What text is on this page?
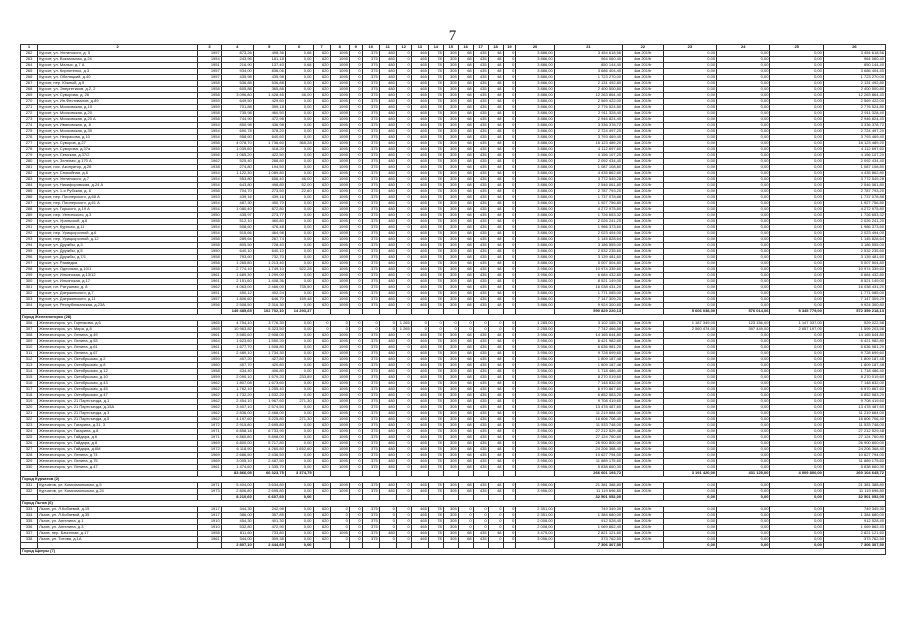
7
1	2	3	4	5	6	7	8	9	10	11	12	13	14	15	16	17	18	19	20	21	22	23	24	25	26
262	Курсит, ул. Уютинского, д. 5	1957	873,26	498,36	0,68	620	1095	0	375	480	0	465	78	305	68	435	48	0	3 886,00	3 454 618,56	4кв 2019г	0,00	0,00	0,00	3 454 618,56
263	Курсит, ул. Вокзальная, д.24	1954	243,96	181,18	0,00	620	1095	0	375	480	0	465	78	305	68	435	48	0	3 886,00	964 060,40	4кв 2019г	0,00	0,00	0,00	964 060,40
264	Курсит, ул. Малых, д.7 А	1951	216,90	137,40	0,68	620	1095	0	375	480	0	465	78	305	68	435	48	0	3 886,00	850 144,40	4кв 2019г	0,00	0,00	0,00	850 144,40
265	Курсит, ул. Кирпотенко, д.3	1957	934,00	836,06	0,00	620	1095	0	375	480	0	465	78	305	68	435	48	0	3 886,00	3 686 404,40	4кв 2019г	0,00	0,00	0,00	3 686 404,40
266	Курсит, ул. Обеляцкий, д.40	1957	435,98	435,98	0,00	620	1095	0	375	480	0	465	78	305	68	435	48	0	3 886,00	1 723 270,00	4кв 2019г	0,00	0,00	0,00	1 723 270,00
267	Курсит, пер. Южный, д.9	1958	536,88	536,88	0,00	620	1095	0	375	480	0	465	78	305	68	435	48	0	3 886,00	2 131 492,80	4кв 2019г	0,00	0,00	0,00	2 131 492,80
268	Курсит, ул. Энергетиков, д.2, 2	1958	605,88	365,88	0,00	620	1095	0	375	480	0	465	78	305	68	435	48	0	3 886,00	2 400 500,80	4кв 2019г	0,00	0,00	0,00	2 400 500,80
269	Курсит, ул. Суворова, д. 26	1958	3 096,80	1 428,46	46,00	620	1095	0	375	480	0	465	78	305	68	435	48	0	3 886,00	12 263 864,40	4кв 2019г	0,00	0,00	0,00	12 263 864,40
270	Курсит, ул. Ин.Фестивалов, д.89	1959	649,50	429,60	0,00	620	1095	0	375	480	0	465	78	305	68	435	48	0	3 886,00	2 569 422,00	4кв 2019г	0,00	0,00	0,00	2 569 422,00
271	Курсит, ул. Московская, д.10	1959	701,88	399,18	0,00	620	1095	0	375	480	0	465	78	305	68	435	48	0	3 886,00	2 776 524,80	4кв 2019г	0,00	0,00	0,00	2 776 524,80
272	Курсит, ул. Московская, д.20	1958	735,98	460,50	0,00	620	1095	0	375	480	0	465	78	305	68	435	48	0	3 886,00	2 911 328,40	4кв 2019г	0,00	0,00	0,00	2 911 328,40
273	Курсит, ул. Московская, д.20 А	1958	744,90	472,98	0,00	620	1095	0	375	480	0	465	78	305	68	435	48	0	3 886,00	2 946 824,40	4кв 2019г	0,00	0,00	0,00	2 946 824,40
274	Курсит, ул. Ивановская, д. 8	1954	850,98	436,98	0,00	620	1095	0	375	480	0	465	78	305	68	435	48	0	3 886,00	3 336 378,72	4кв 2019г	0,00	0,00	0,00	3 336 378,72
275	Курсит, ул. Московская, д.30	1954	690,78	378,20	0,00	620	1095	0	375	480	0	465	78	305	68	435	48	0	3 886,00	2 724 497,20	4кв 2019г	0,00	0,00	0,00	2 724 497,20
276	Курсит, ул. Некрасова, д.10	1954	958,60	640,60	0,00	620	1095	0	375	480	0	465	78	305	68	435	48	0	3 886,00	3 793 469,40	4кв 2019г	0,00	0,00	0,00	3 793 469,40
277	Курсит, ул. Суворов, д.27	1958	4 078,70	1 736,60	365,28	620	1095	0	375	480	0	465	78	305	68	435	48	0	3 886,00	16 123 489,20	4кв 2019г	0,00	0,00	0,00	16 123 489,20
278	Курсит, ул. Суворова, д.37а	1955	1 039,60	418,20	0,00	620	1095	0	375	480	0	465	78	305	68	435	48	0	3 886,00	4 112 697,60	4кв 2019г	0,00	0,00	0,00	4 112 697,60
279	Курсит, ул. Семская, д.37/2	1956	1 065,20	422,50	0,00	620	1095	0	375	480	0	465	78	305	68	435	48	0	3 886,00	4 156 107,20	4кв 2019г	0,00	0,00	0,00	4 156 107,20
280	Курсит, ул. Зеленая, д.170 А	1962	525,40	288,80	0,00	620	1095	0	375	480	0	465	78	305	68	435	48	0	3 886,00	2 092 434,40	4кв 2019г	0,00	0,00	0,00	2 092 434,40
281	Курсит, пос. Акопуатор, д.26	1938	274,80	194,50	0,00	620	1095	0	375	480	0	465	78	305	68	435	48	0	3 886,00	1 087 108,80	4кв 2019г	0,00	0,00	0,00	1 087 108,80
282	Курсит, ул. Спокойная, д.6	1954	1 122,30	1 089,80	0,00	620	1095	0	375	480	0	465	78	305	68	435	48	0	3 886,00	4 435 862,80	4кв 2019г	0,00	0,00	0,00	4 435 862,80
283	Курсит, ул. Уютинского, д.7	1954	953,80	656,40	46,00	620	1095	0	375	480	0	465	78	305	68	435	48	0	3 886,00	3 772 549,28	4кв 2019г	0,00	0,00	0,00	3 772 549,28
284	Курсит, ул. Никифоровская, д.24 А	1954	643,80	498,80	52,00	620	1095	0	375	480	0	465	78	305	68	435	48	0	3 886,00	2 546 061,80	4кв 2019г	0,00	0,00	0,00	2 546 061,80
285	Курсит, ул. 1-я Рубская, д. 6	1958	704,70	273,50	22,60	620	1095	0	375	480	0	465	78	305	68	435	48	0	3 886,00	2 787 793,20	4кв 2019г	0,00	0,00	0,00	2 787 793,20
286	Курсит, пер. Пионерского, д.68 А	1953	439,16	439,16	0,00	620	1095	0	375	480	0	465	78	305	68	435	48	0	3 886,00	1 737 078,88	4кв 2019г	0,00	0,00	0,00	1 737 078,88
287	Курсит, пер. Пионерского, д.61 А	1954	487,30	450,70	0,00	620	1095	0	375	480	0	465	78	305	68	435	48	0	3 886,00	1 927 756,80	4кв 2019г	0,00	0,00	0,00	1 927 756,80
288	Курсит, ул. Горького, д.19 А	1954	1 080,40	872,80	0,00	620	1095	0	375	480	0	465	78	305	68	435	48	0	3 886,00	4 272 975,80	4кв 2019г	0,00	0,00	0,00	4 272 975,80
289	Курсит, пер. Уютинского, д.3	1950	435,97	273,77	0,00	620	1095	0	375	480	0	465	78	305	68	435	48	0	3 886,00	1 726 653,32	4кв 2019г	0,00	0,00	0,00	1 726 653,32
290	Курсит, ул. Уральской, д.6	1958	512,10	460,80	0,00	620	1095	0	375	480	0	465	78	305	68	435	48	0	3 886,00	2 026 241,20	4кв 2019г	0,00	0,00	0,00	2 026 241,20
291	Курсит, ул. Курская, д.11	1954	508,60	476,48	0,00	620	1095	0	375	480	0	465	78	305	68	435	48	0	3 886,00	1 986 373,60	4кв 2019г	0,00	0,00	0,00	1 986 373,60
292	Курсит, пер. Урицкорочной, д.6	1954	515,66	464,98	0,00	620	1095	0	375	480	0	465	78	305	68	435	48	0	3 886,00	2 023 494,00	4кв 2019г	0,00	0,00	0,00	2 023 494,00
293	Курсит, пер. Урицкорочной, д.12	1958	289,64	267,74	0,00	620	1095	0	375	480	0	465	78	305	68	435	48	0	3 886,00	1 145 828,64	4кв 2019г	0,00	0,00	0,00	1 145 828,64
294	Курсит, ул. Дружбы, д.3	1958	805,50	728,40	0,00	620	1095	0	375	480	0	465	78	305	68	435	48	0	3 886,00	3 186 555,00	4кв 2019г	0,00	0,00	0,00	3 186 555,00
295	Курсит, ул. Дружбы, д.5	1950	640,10	640,10	0,00	620	1095	0	375	480	0	465	78	305	68	435	48	0	3 886,00	2 532 235,60	4кв 2019г	0,00	0,00	0,00	2 532 235,60
296	Курсит, ул. Дружбы, д.7/1	1958	793,60	732,70	0,00	620	1095	0	375	480	0	465	78	305	68	435	48	0	3 886,00	3 139 481,60	4кв 2019г	0,00	0,00	0,00	3 139 481,60
297	Курсит, ул. Разведка	1958	1 265,80	1 213,40	0,00	620	1095	0	375	480	0	465	78	305	68	435	48	0	3 886,00	5 007 504,80	4кв 2019г	0,00	0,00	0,00	5 007 504,80
298	Курсит, ул. Одесская, д.10/1	1958	2 774,10	1 749,10	522,28	620	1095	0	375	480	0	465	78	305	68	435	48	0	3 956,00	10 974 339,60	4кв 2019г	0,00	0,00	0,00	10 974 339,60
299	Курсит, ул. Ильинская, д.13/12	1961	1 689,30	1 299,00	0,00	620	1095	0	375	480	0	465	78	305	68	435	48	0	3 956,00	6 684 432,80	4кв 2019г	0,00	0,00	0,00	6 684 432,80
300	Курсит, ул. Ильинская, д.17	1961	2 151,60	1 408,36	0,00	620	1095	0	375	480	0	465	78	305	68	435	48	0	3 886,00	8 521 149,00	4кв 2019г	0,00	0,00	0,00	8 521 149,00
301	Курсит, пл. Ратушная, д. 8	1962	4 063,00	2 466,00	735,50	620	1095	0	375	480	0	465	78	305	68	435	48	0	3 956,00	16 038 431,20	4кв 2019г	0,00	0,00	0,00	16 038 431,20
302	Курсит, ул. Дзержинского, д.7	1951	450,12	402,24	0,00	620	1095	0	375	480	0	465	78	305	68	435	48	0	3 886,00	1 771 085,00	4кв 2019г	0,00	0,00	0,00	1 771 085,00
303	Курсит, ул. Дзержинского, д.11	1957	1 806,60	646,70	159,48	620	1095	0	375	480	0	465	78	305	68	435	48	0	3 886,00	7 147 309,20	4кв 2019г	0,00	0,00	0,00	7 147 309,20
304	Курсит, ул. Республиканская, д.23А	1956	2 508,50	2 316,30	0,00	620	1095	0	375	480	0	465	78	305	68	435	48	0	3 886,00	9 924 300,80	4кв 2019г	0,00	0,00	0,00	9 924 300,80
			149 485,65	102 702,10	14 293,37															590 829 220,13		5 606 038,00	576 014,06	5 345 779,00	572 359 218,13
Город Железногорск (28)																									
306	Железногорск, ул. Горнякова, д.6	1965	4 754,10	3 776,30	0,00	0	0	0	0	0	1 265	0	0	0	0	0	0	0	1 285,00	3 102 155,78	4кв 2019г	1 187 349,00	123 156,00	1 147 337,00	529 022,58
307	Железногорск, ул. Мира, д.8	1965	10 963,82	5 323,50	0,00	0	0	0	0	0	1 265	0	0	0	0	0	0	0	2 255,00	7 742 466,58	4кв 2019г	2 560 474,00	397 449,00	2 657 197,00	1 599 203,58
308	Железногорск, ул. Ленина, д.49	1961	3 580,60	2 908,00	0,00	620	1095	0	375	480	0	465	78	305	68	435	48	0	3 956,00	14 165 644,80	4кв 2019г	0,00	0,00	0,00	14 165 644,80
309	Железногорск, ул. Ленина, д.53	1964	1 623,60	1 550,20	0,00	620	1095	0	375	480	0	465	78	305	68	435	48	0	3 956,00	6 421 982,80	4кв 2019г	0,00	0,00	0,00	6 421 982,80
310	Железногорск, ул. Ленина, д.61	1961	1 677,70	1 508,80	0,00	620	1095	0	375	480	0	465	78	305	68	435	48	0	3 956,00	6 636 981,20	4кв 2019г	0,00	0,00	0,00	6 636 981,20
311	Железногорск, ул. Ленина, д.67	1961	2 489,10	1 734,30	0,00	620	1095	0	375	480	0	465	78	305	68	435	48	0	3 956,00	9 728 699,60	4кв 2019г	0,00	0,00	0,00	9 728 699,60
312	Железногорск, ул. Октябрьская, д.2	1959	457,20	427,80	0,00	620	1095	0	375	480	0	465	78	305	68	435	48	0	3 956,00	1 809 187,48	4кв 2019г	0,00	0,00	0,00	1 809 187,48
313	Железногорск, ул. Октябрьская, д.8	1960	457,70	420,80	0,00	620	1095	0	375	480	0	465	78	305	68	435	48	0	3 956,00	1 809 187,48	4кв 2019г	0,00	0,00	0,00	1 809 187,48
314	Железногорск, ул. Октябрьская, д.12	1958	434,40	406,80	0,00	620	1095	0	375	480	0	465	78	305	68	435	48	0	3 956,00	1 718 486,40	4кв 2019г	0,00	0,00	0,00	1 718 486,40
315	Железногорск, ул. Октябрьская, д.10	1959	2 090,10	1 579,20	233,89	620	1095	0	375	480	0	465	78	305	68	435	48	0	3 956,00	8 270 019,60	4кв 2019г	0,00	0,00	0,00	8 270 019,60
316	Железногорск, ул. Октябрьская, д.43	1962	1 807,08	1 673,60	0,00	620	1095	0	375	480	0	465	78	305	68	435	48	0	3 956,00	7 148 832,00	4кв 2019г	0,00	0,00	0,00	7 148 832,00
317	Железногорск, ул. Октябрьская, д.45	1962	1 762,10	1 255,40	0,00	620	1095	0	375	480	0	465	78	305	68	435	48	0	3 956,00	6 970 867,60	4кв 2019г	0,00	0,00	0,00	6 970 867,60
318	Железногорск, ул. Октябрьская, д.47	1962	1 732,20	1 532,20	0,00	620	1095	0	375	480	0	465	78	305	68	435	48	0	3 956,00	6 852 583,20	4кв 2019г	0,00	0,00	0,00	6 852 583,20
319	Железногорск, ул. 21 Партсъезда, д.1	1962	2 454,10	1 967,60	271,30	620	1095	0	375	480	0	465	78	305	68	435	48	0	3 956,00	9 708 419,60	4кв 2019г	0,00	0,00	0,00	9 708 419,60
320	Железногорск, ул. 21 Партсъезда, д.15А	1962	3 407,10	2 574,50	0,00	620	1095	0	375	480	0	465	78	305	68	435	48	0	3 956,00	13 478 487,60	4кв 2019г	0,00	0,00	0,00	13 478 487,60
321	Железногорск, ул. 21 Партсъезда, д.3	1962	2 836,00	2 468,00	0,00	620	1095	0	375	480	0	465	78	305	68	435	48	0	3 956,00	11 219 684,00	4кв 2019г	0,00	0,00	0,00	11 219 684,00
322	Железногорск, ул. 21 Партсъезда, д.5	1962	4 197,60	3 225,80	271,30	620	1095	0	375	480	0	465	78	305	68	435	48	0	3 956,00	16 606 706,40	4кв 2019г	0,00	0,00	0,00	16 606 706,40
323	Железногорск, ул. Гагарина, д.31, 3	1972	2 915,80	2 695,80	0,00	620	1095	0	375	480	0	465	78	305	68	435	48	0	3 956,00	11 533 748,00	4кв 2019г	0,00	0,00	0,00	11 533 748,00
324	Железногорск, ул. Гагарина, д.8	1971	6 858,18	6 733,90	0,00	620	1095	0	375	480	0	465	78	305	68	435	48	0	3 956,00	27 212 529,48	4кв 2019г	0,00	0,00	0,00	27 212 529,48
325	Железногорск, ул. Гайдара, д.6	1971	6 860,80	5 898,00	0,00	620	1095	0	375	480	0	465	78	305	68	435	48	0	3 956,00	27 124 760,80	4кв 2019г	0,00	0,00	0,00	27 124 760,80
326	Железногорск, ул. Гайдара, д.8	1969	6 800,00	5 717,80	0,00	620	1095	0	375	480	0	465	78	305	68	435	48	0	3 956,00	26 900 800,00	4кв 2019г	0,00	0,00	0,00	26 900 800,00
327	Железногорск, ул. Гайдара, д.6М	1972	6 118,90	4 260,80	1 652,60	620	1095	0	375	480	0	465	78	305	68	435	48	0	3 956,00	24 206 368,40	4кв 2019г	0,00	0,00	0,00	24 206 368,40
328	Железногорск, ул. Ленина, д.74	1969	2 686,50	2 436,50	0,00	620	1095	0	375	480	0	465	78	305	68	435	48	0	3 956,00	10 627 794,00	4кв 2019г	0,00	0,00	0,00	10 627 794,00
329	Железногорск, ул. Ленина, д.75	1969	3 005,10	2 487,50	0,00	620	1095	0	375	480	0	465	78	305	68	435	48	0	3 956,00	11 889 175,60	4кв 2019г	0,00	0,00	0,00	11 889 175,60
330	Железногорск, ул. Ленина, д.47	1961	1 474,60	1 335,70	0,00	620	1095	0	375	480	0	465	78	305	68	435	48	0	3 956,00	5 838 660,30	4кв 2019г	0,00	0,00	0,00	5 838 660,30
			83 866,05	66 323,75	3 374,75															266 601 193,72		3 191 420,00	431 125,00	4 009 800,00	260 104 645,72
Город Курчатов (2)																									
331	Курчатов, ул. Комсомольская, д.5	1971	5 404,00	3 634,80	0,00	620	1095	0	375	480	0	465	78	305	68	435	48	0	3 956,00	21 381 388,80	4кв 2019г	0,00	0,00	0,00	21 381 388,80
332	Курчатов, ул. Комсомольская, д.24	1973	2 806,80	2 695,80	0,00	620	1095	0	375	480	0	465	78	305	68	435	48	0	3 956,00	11 119 696,80	4кв 2019г	0,00	0,00	0,00	11 119 696,80
			8 210,60	6 607,60	0,00															32 501 052,00		0,00	0,00	0,00	32 501 052,00
Город Льгов (6)																									
333	Льгов, ул. Л.Кобзевой, д.15	1917	344,30	242,98	0,00	620	0	0	375	0	0	465	78	305	0	0	0	0	2 351,00	749 349,30	4кв 2019г	0,00	0,00	0,00	749 349,30
334	Льгов, ул. Л.Кобзевой, д.35	1917	386,00	357,85	0,00	620	0	0	375	0	0	465	78	305	0	0	0	0	2 351,00	1 384 680,00	4кв 2019г	0,00	0,00	0,00	1 384 680,00
335	Льгов, ул. Ангелина, д.1	1910	454,30	401,30	0,00	620	0	0	375	0	0	465	78	305	0	0	0	0	2 008,00	912 528,40	4кв 2019г	0,00	0,00	0,00	912 528,40
336	Льгов, ул. Ангелина, д.3	1910	532,80	472,90	0,00	620	0	0	375	0	0	465	78	305	0	0	0	0	2 008,00	1 069 862,40	4кв 2019г	0,00	0,00	0,00	1 069 862,40
337	Льгов, пер. Бачинная, д.17	1958	811,60	733,80	0,00	620	1095	0	375	480	0	465	78	305	68	435	48	0	3 475,00	2 821 121,60	4кв 2019г	0,00	0,00	0,00	2 821 121,60
338	Льгов, ул. Титова, д.1А	1961	344,00	309,38	0,00	620	0	0	375	0	0	465	78	305	68	435	0	0	3 056,00	373 762,50	4кв 2019г	0,00	0,00	0,00	373 762,50
			2 807,10	2 444,69	0,00															7 306 307,50		0,00	0,00	0,00	7 306 307,50
Город Щигры (7)																									
